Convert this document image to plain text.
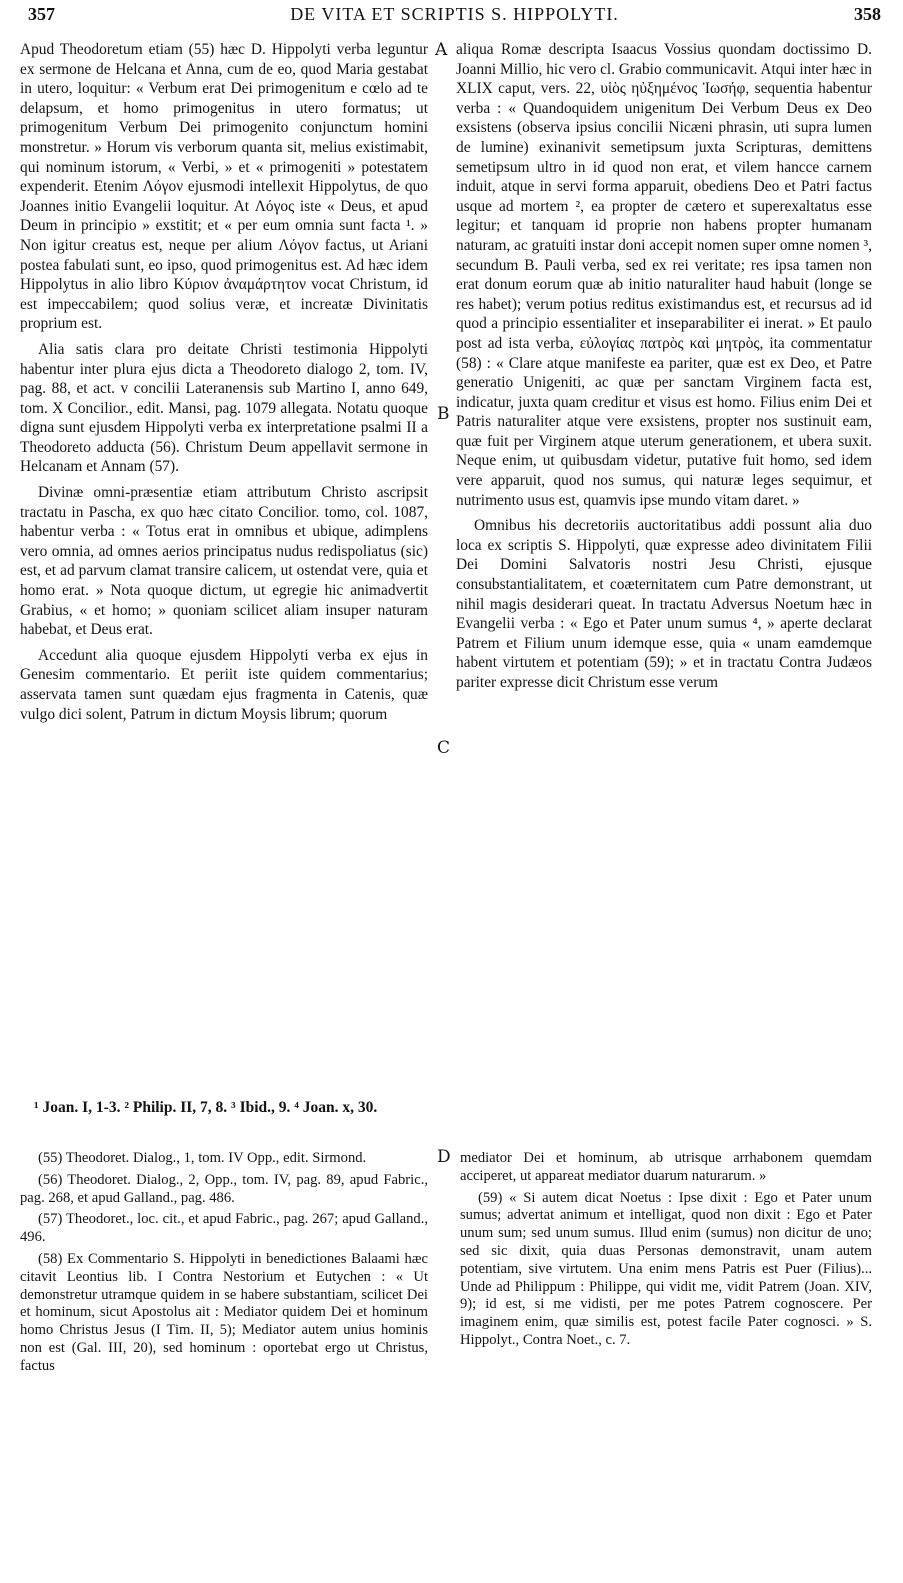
357	DE VITA ET SCRIPTIS S. HIPPOLYTI.	358
A
B
C
D

Apud Theodoretum etiam (55) hæc D. Hippolyti verba leguntur ex sermone de Helcana et Anna, cum de eo, quod Maria gestabat in utero, loquitur: « Verbum erat Dei primogenitum e cœlo ad te delapsum, et homo primogenitus in utero formatus; ut primogenitum Verbum Dei primogenito conjunctum homini monstretur. » Horum vis verborum quanta sit, melius existimabit, qui nominum istorum, « Verbi, » et « primogeniti » potestatem expenderit. Etenim Λόγον ejusmodi intellexit Hippolytus, de quo Joannes initio Evangelii loquitur. At Λόγος iste « Deus, et apud Deum in principio » exstitit; et « per eum omnia sunt facta ¹. » Non igitur creatus est, neque per alium Λόγον factus, ut Ariani postea fabulati sunt, eo ipso, quod primogenitus est. Ad hæc idem Hippolytus in alio libro Κύριον ἀναμάρτητον vocat Christum, id est impeccabilem; quod solius veræ, et increatæ Divinitatis proprium est.

Alia satis clara pro deitate Christi testimonia Hippolyti habentur inter plura ejus dicta a Theodoreto dialogo 2, tom. IV, pag. 88, et act. v concilii Lateranensis sub Martino I, anno 649, tom. X Concilior., edit. Mansi, pag. 1079 allegata. Notatu quoque digna sunt ejusdem Hippolyti verba ex interpretatione psalmi II a Theodoreto adducta (56). Christum Deum appellavit sermone in Helcanam et Annam (57).

Divinæ omni-præsentiæ etiam attributum Christo ascripsit tractatu in Pascha, ex quo hæc citato Concilior. tomo, col. 1087, habentur verba : « Totus erat in omnibus et ubique, adimplens vero omnia, ad omnes aerios principatus nudus redispoliatus (sic) est, et ad parvum clamat transire calicem, ut ostendat vere, quia et homo erat. » Nota quoque dictum, ut egregie hic animadvertit Grabius, « et homo; » quoniam scilicet aliam insuper naturam habebat, et Deus erat.

Accedunt alia quoque ejusdem Hippolyti verba ex ejus in Genesim commentario. Et periit iste quidem commentarius; asservata tamen sunt quædam ejus fragmenta in Catenis, quæ vulgo dici solent, Patrum in dictum Moysis librum; quorum

aliqua Romæ descripta Isaacus Vossius quondam doctissimo D. Joanni Millio, hic vero cl. Grabio communicavit. Atqui inter hæc in XLIX caput, vers. 22, υἱὸς ηὐξημένος Ἰωσήφ, sequentia habentur verba : « Quandoquidem unigenitum Dei Verbum Deus ex Deo exsistens (observa ipsius concilii Nicæni phrasin, uti supra lumen de lumine) exinanivit semetipsum juxta Scripturas, demittens semetipsum ultro in id quod non erat, et vilem hancce carnem induit, atque in servi forma apparuit, obediens Deo et Patri factus usque ad mortem ², ea propter de cætero et superexaltatus esse legitur; et tanquam id proprie non habens propter humanam naturam, ac gratuiti instar doni accepit nomen super omne nomen ³, secundum B. Pauli verba, sed ex rei veritate; res ipsa tamen non erat donum eorum quæ ab initio naturaliter haud habuit (longe se res habet); verum potius reditus existimandus est, et recursus ad id quod a principio essentialiter et inseparabiliter ei inerat. » Et paulo post ad ista verba, εὐλογίας πατρὸς καὶ μητρὸς, ita commentatur (58) : « Clare atque manifeste ea pariter, quæ est ex Deo, et Patre generatio Unigeniti, ac quæ per sanctam Virginem facta est, indicatur, juxta quam creditur et visus est homo. Filius enim Dei et Patris naturaliter atque vere exsistens, propter nos sustinuit eam, quæ fuit per Virginem atque uterum generationem, et ubera suxit. Neque enim, ut quibusdam videtur, putative fuit homo, sed idem vere apparuit, quod nos sumus, qui naturæ leges sequimur, et nutrimento usus est, quamvis ipse mundo vitam daret. »

Omnibus his decretoriis auctoritatibus addi possunt alia duo loca ex scriptis S. Hippolyti, quæ expresse adeo divinitatem Filii Dei Domini Salvatoris nostri Jesu Christi, ejusque consubstantialitatem, et coæternitatem cum Patre demonstrant, ut nihil magis desiderari queat. In tractatu Adversus Noetum hæc in Evangelii verba : « Ego et Pater unum sumus ⁴, » aperte declarat Patrem et Filium unum idemque esse, quia « unam eamdemque habent virtutem et potentiam (59); » et in tractatu Contra Judæos pariter expresse dicit Christum esse verum

¹ Joan. I, 1-3. ² Philip. II, 7, 8. ³ Ibid., 9. ⁴ Joan. x, 30.

(55) Theodoret. Dialog., 1, tom. IV Opp., edit. Sirmond.

(56) Theodoret. Dialog., 2, Opp., tom. IV, pag. 89, apud Fabric., pag. 268, et apud Galland., pag. 486.

(57) Theodoret., loc. cit., et apud Fabric., pag. 267; apud Galland., 496.

(58) Ex Commentario S. Hippolyti in benedictiones Balaami hæc citavit Leontius lib. I Contra Nestorium et Eutychen : « Ut demonstretur utramque quidem in se habere substantiam, scilicet Dei et hominum, sicut Apostolus ait : Mediator quidem Dei et hominum homo Christus Jesus (I Tim. II, 5); Mediator autem unius hominis non est (Gal. III, 20), sed hominum : oportebat ergo ut Christus, factus

mediator Dei et hominum, ab utrisque arrhabonem quemdam acciperet, ut appareat mediator duarum naturarum. »

(59) « Si autem dicat Noetus : Ipse dixit : Ego et Pater unum sumus; advertat animum et intelligat, quod non dixit : Ego et Pater unum sum; sed unum sumus. Illud enim (sumus) non dicitur de uno; sed sic dixit, quia duas Personas demonstravit, unam autem potentiam, sive virtutem. Una enim mens Patris est Puer (Filius)... Unde ad Philippum : Philippe, qui vidit me, vidit Patrem (Joan. XIV, 9); id est, si me vidisti, per me potes Patrem cognoscere. Per imaginem enim, quæ similis est, potest facile Pater cognosci. » S. Hippolyt., Contra Noet., c. 7.
